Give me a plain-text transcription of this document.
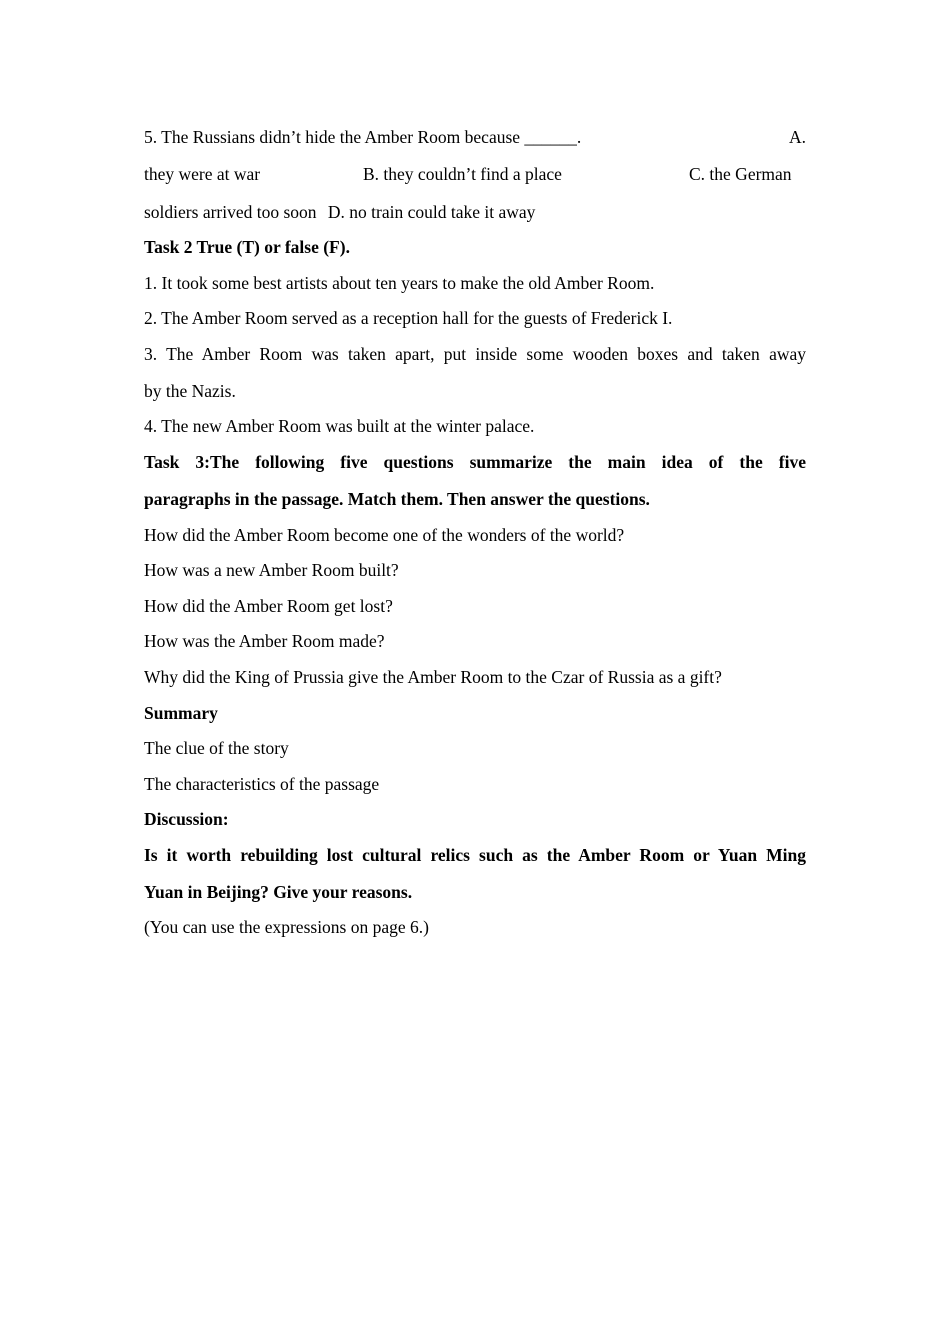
5. The Russians didn’t hide the Amber Room because ______.	A.
they were at war	B. they couldn’t find a place	C. the German
soldiers arrived too soon D. no train could take it away
Task 2 True (T) or false (F).
1. It took some best artists about ten years to make the old Amber Room.
2. The Amber Room served as a reception hall for the guests of Frederick I.
3. The Amber Room was taken apart, put inside some wooden boxes and taken away
by the Nazis.
4. The new Amber Room was built at the winter palace.
Task 3:The following five questions summarize the main idea of the five
paragraphs in the passage. Match them. Then answer the questions.
How did the Amber Room become one of the wonders of the world?
How was a new Amber Room built?
How did the Amber Room get lost?
How was the Amber Room made?
Why did the King of Prussia give the Amber Room to the Czar of Russia as a gift?
Summary
The clue of the story
The characteristics of the passage
Discussion:
Is it worth rebuilding lost cultural relics such as the Amber Room or Yuan Ming
Yuan in Beijing? Give your reasons.
(You can use the expressions on page 6.)
